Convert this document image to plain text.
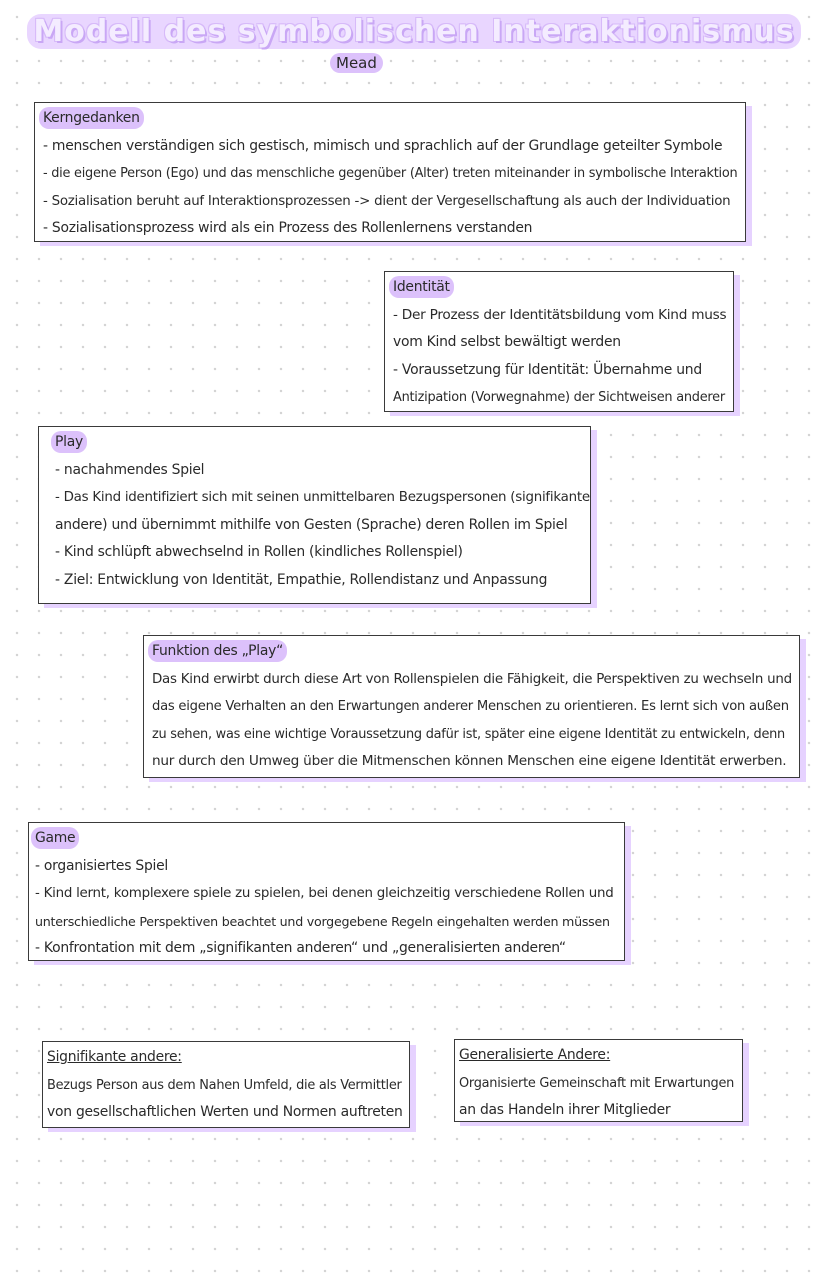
Modell des symbolischen Interaktionismus
Mead
Kerngedanken
- menschen verständigen sich gestisch, mimisch und sprachlich auf der Grundlage geteilter Symbole
- die eigene Person (Ego) und das menschliche gegenüber (Alter) treten miteinander in symbolische Interaktion
- Sozialisation beruht auf Interaktionsprozessen -> dient der Vergesellschaftung als auch der Individuation
- Sozialisationsprozess wird als ein Prozess des Rollenlernens verstanden
Identität
- Der Prozess der Identitätsbildung vom Kind muss
vom Kind selbst bewältigt werden
- Voraussetzung für Identität: Übernahme und
Antizipation (Vorwegnahme) der Sichtweisen anderer
Play
- nachahmendes Spiel
- Das Kind identifiziert sich mit seinen unmittelbaren Bezugspersonen (signifikante
andere) und übernimmt mithilfe von Gesten (Sprache) deren Rollen im Spiel
- Kind schlüpft abwechselnd in Rollen (kindliches Rollenspiel)
- Ziel: Entwicklung von Identität, Empathie, Rollendistanz und Anpassung
Funktion des „Play“
Das Kind erwirbt durch diese Art von Rollenspielen die Fähigkeit, die Perspektiven zu wechseln und
das eigene Verhalten an den Erwartungen anderer Menschen zu orientieren. Es lernt sich von außen
zu sehen, was eine wichtige Voraussetzung dafür ist, später eine eigene Identität zu entwickeln, denn
nur durch den Umweg über die Mitmenschen können Menschen eine eigene Identität erwerben.
Game
- organisiertes Spiel
- Kind lernt, komplexere spiele zu spielen, bei denen gleichzeitig verschiedene Rollen und
unterschiedliche Perspektiven beachtet und vorgegebene Regeln eingehalten werden müssen
- Konfrontation mit dem „signifikanten anderen“ und „generalisierten anderen“
Signifikante andere:
Bezugs Person aus dem Nahen Umfeld, die als Vermittler
von gesellschaftlichen Werten und Normen auftreten
Generalisierte Andere:
Organisierte Gemeinschaft mit Erwartungen
an das Handeln ihrer Mitglieder
